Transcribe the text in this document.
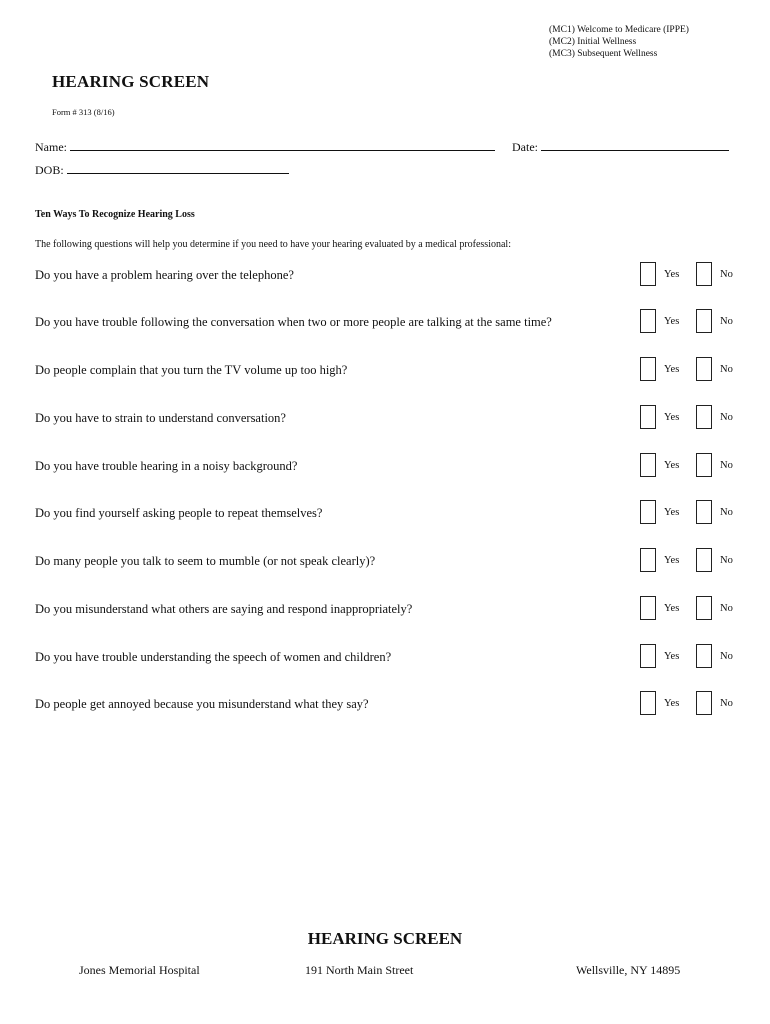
(MC1) Welcome to Medicare (IPPE)
(MC2) Initial Wellness
(MC3) Subsequent Wellness
HEARING SCREEN
Form # 313 (8/16)
Name:	Date:
DOB:
Ten Ways To Recognize Hearing Loss
The following questions will help you determine if you need to have your hearing evaluated by a medical professional:
Do you have a problem hearing over the telephone?	Yes	No
Do you have trouble following the conversation when two or more people are talking at the same time?	Yes	No
Do people complain that you turn the TV volume up too high?	Yes	No
Do you have to strain to understand conversation?	Yes	No
Do you have trouble hearing in a noisy background?	Yes	No
Do you find yourself asking people to repeat themselves?	Yes	No
Do many people you talk to seem to mumble (or not speak clearly)?	Yes	No
Do you misunderstand what others are saying and respond inappropriately?	Yes	No
Do you have trouble understanding the speech of women and children?	Yes	No
Do people get annoyed because you misunderstand what they say?	Yes	No
HEARING SCREEN
Jones Memorial Hospital	191 North Main Street	Wellsville, NY 14895
